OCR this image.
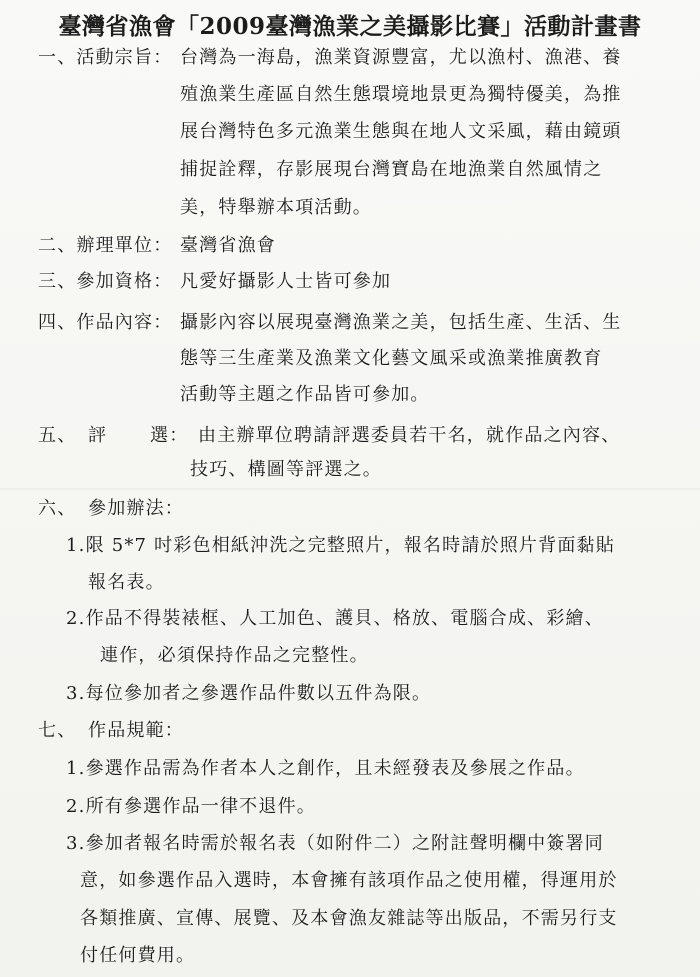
臺灣省漁會「2009臺灣漁業之美攝影比賽」活動計畫書
一、活動宗旨： 台灣為一海島，漁業資源豐富，尤以漁村、漁港、養
殖漁業生產區自然生態環境地景更為獨特優美，為推
展台灣特色多元漁業生態與在地人文采風，藉由鏡頭
捕捉詮釋，存影展現台灣寶島在地漁業自然風情之
美，特舉辦本項活動。
二、辦理單位： 臺灣省漁會
三、參加資格： 凡愛好攝影人士皆可參加
四、作品內容： 攝影內容以展現臺灣漁業之美，包括生產、生活、生
態等三生產業及漁業文化藝文風采或漁業推廣教育
活動等主題之作品皆可參加。
五、 評 選： 由主辦單位聘請評選委員若干名，就作品之內容、
技巧、構圖等評選之。
六、 參加辦法：
1.限 5*7 吋彩色相紙沖洗之完整照片，報名時請於照片背面黏貼
報名表。
2.作品不得裝裱框、人工加色、護貝、格放、電腦合成、彩繪、
連作，必須保持作品之完整性。
3.每位參加者之參選作品件數以五件為限。
七、 作品規範：
1.參選作品需為作者本人之創作，且未經發表及參展之作品。
2.所有參選作品一律不退件。
3.參加者報名時需於報名表（如附件二）之附註聲明欄中簽署同
意，如參選作品入選時，本會擁有該項作品之使用權，得運用於
各類推廣、宣傳、展覽、及本會漁友雜誌等出版品，不需另行支
付任何費用。
